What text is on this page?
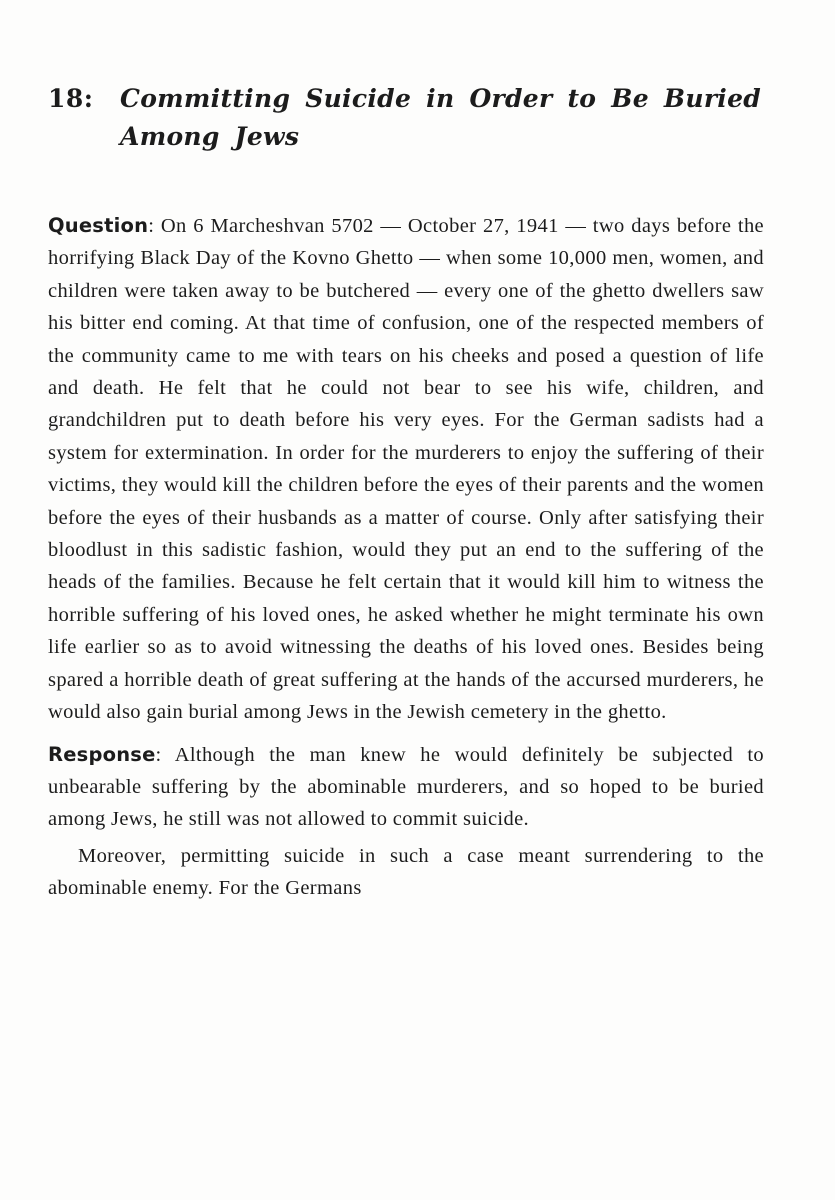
18:	Committing Suicide in Order to Be Buried Among Jews

Question: On 6 Marcheshvan 5702 — October 27, 1941 — two days before the horrifying Black Day of the Kovno Ghetto — when some 10,000 men, women, and children were taken away to be butchered — every one of the ghetto dwellers saw his bitter end coming. At that time of confusion, one of the respected members of the community came to me with tears on his cheeks and posed a question of life and death. He felt that he could not bear to see his wife, children, and grandchildren put to death before his very eyes. For the German sadists had a system for extermination. In order for the murderers to enjoy the suffering of their victims, they would kill the children before the eyes of their parents and the women before the eyes of their husbands as a matter of course. Only after satisfying their bloodlust in this sadistic fashion, would they put an end to the suffering of the heads of the families. Because he felt certain that it would kill him to witness the horrible suffering of his loved ones, he asked whether he might terminate his own life earlier so as to avoid witnessing the deaths of his loved ones. Besides being spared a horrible death of great suffering at the hands of the accursed murderers, he would also gain burial among Jews in the Jewish cemetery in the ghetto.

Response: Although the man knew he would definitely be subjected to unbearable suffering by the abominable murderers, and so hoped to be buried among Jews, he still was not allowed to commit suicide.

Moreover, permitting suicide in such a case meant surrendering to the abominable enemy. For the Germans
